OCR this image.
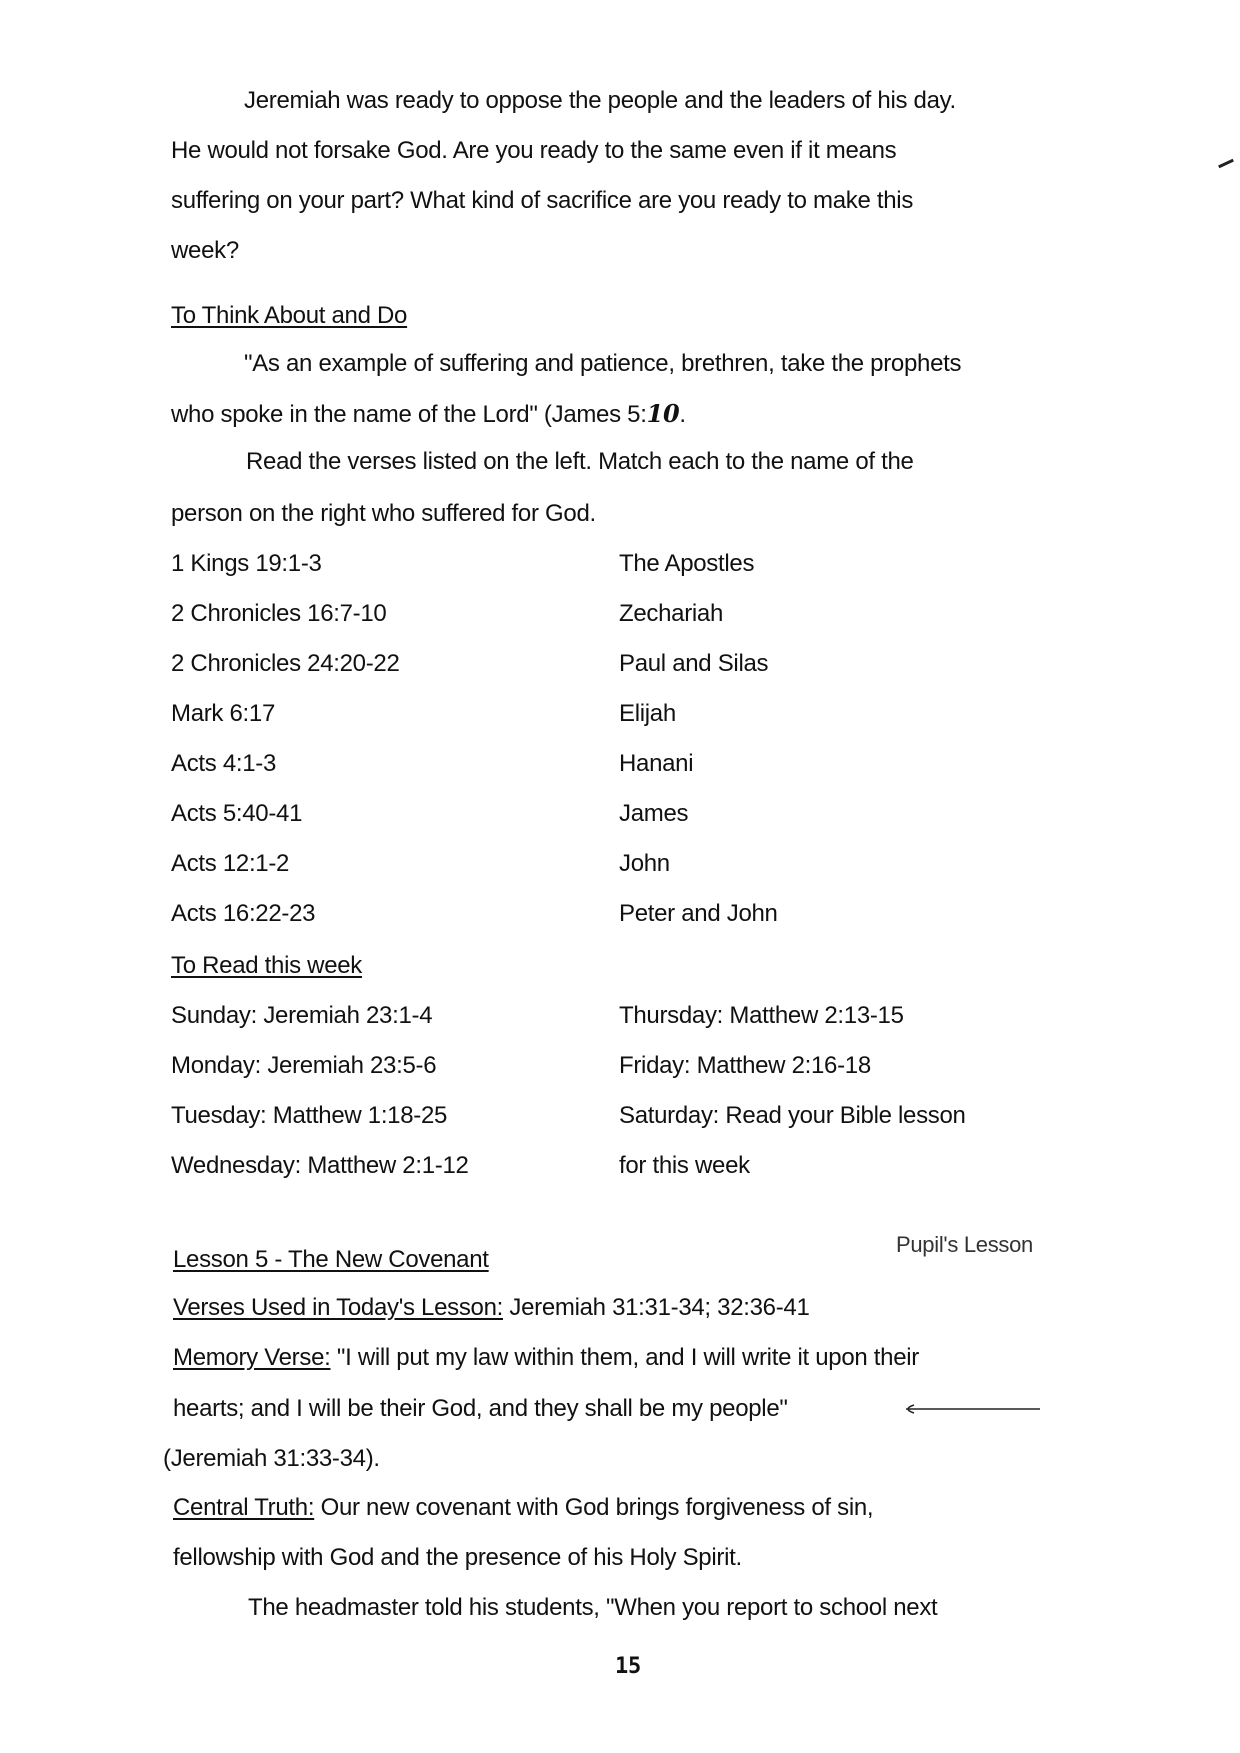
Jeremiah was ready to oppose the people and the leaders of his day.
He would not forsake God. Are you ready to the same even if it means
suffering on your part? What kind of sacrifice are you ready to make this
week?
To Think About and Do
"As an example of suffering and patience, brethren, take the prophets
who spoke in the name of the Lord" (James 5:10.
Read the verses listed on the left. Match each to the name of the
person on the right who suffered for God.
1 Kings 19:1-3	The Apostles
2 Chronicles 16:7-10	Zechariah
2 Chronicles 24:20-22	Paul and Silas
Mark 6:17	Elijah
Acts 4:1-3	Hanani
Acts 5:40-41	James
Acts 12:1-2	John
Acts 16:22-23	Peter and John
To Read this week
Sunday: Jeremiah 23:1-4	Thursday: Matthew 2:13-15
Monday: Jeremiah 23:5-6	Friday: Matthew 2:16-18
Tuesday: Matthew 1:18-25	Saturday: Read your Bible lesson
Wednesday: Matthew 2:1-12	for this week
Lesson 5 - The New Covenant
Pupil's Lesson
Verses Used in Today's Lesson: Jeremiah 31:31-34; 32:36-41
Memory Verse: "I will put my law within them, and I will write it upon their
hearts; and I will be their God, and they shall be my people"
(Jeremiah 31:33-34).
Central Truth: Our new covenant with God brings forgiveness of sin,
fellowship with God and the presence of his Holy Spirit.
The headmaster told his students, "When you report to school next
15
